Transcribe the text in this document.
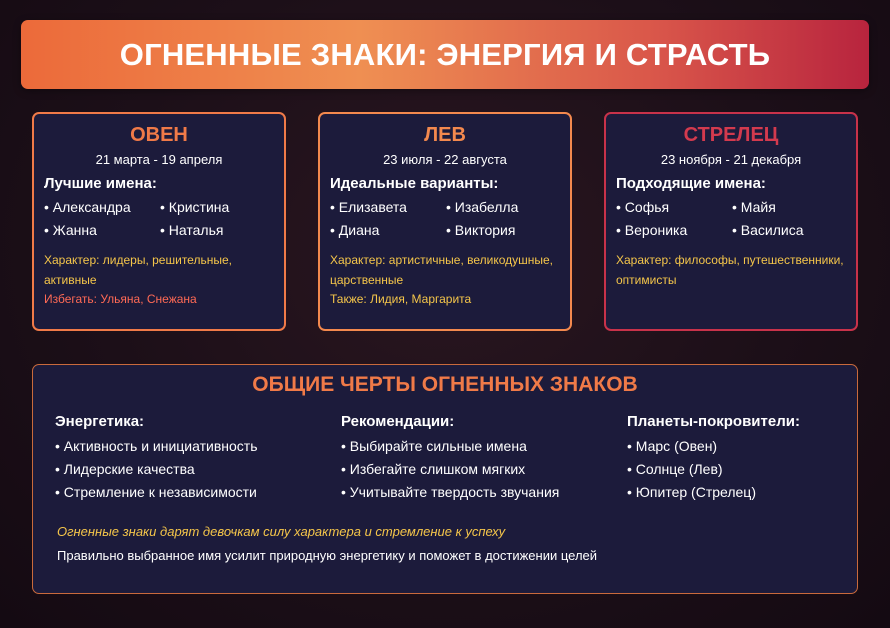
ОГНЕННЫЕ ЗНАКИ: ЭНЕРГИЯ И СТРАСТЬ
ОВЕН
21 марта - 19 апреля
Лучшие имена:
• Александра	• Кристина
• Жанна	• Наталья
Характер: лидеры, решительные, активные
Избегать: Ульяна, Снежана
ЛЕВ
23 июля - 22 августа
Идеальные варианты:
• Елизавета	• Изабелла
• Диана	• Виктория
Характер: артистичные, великодушные, царственные
Также: Лидия, Маргарита
СТРЕЛЕЦ
23 ноября - 21 декабря
Подходящие имена:
• Софья	• Майя
• Вероника	• Василиса
Характер: философы, путешественники, оптимисты
ОБЩИЕ ЧЕРТЫ ОГНЕННЫХ ЗНАКОВ
Энергетика:
• Активность и инициативность
• Лидерские качества
• Стремление к независимости
Рекомендации:
• Выбирайте сильные имена
• Избегайте слишком мягких
• Учитывайте твердость звучания
Планеты-покровители:
• Марс (Овен)
• Солнце (Лев)
• Юпитер (Стрелец)
Огненные знаки дарят девочкам силу характера и стремление к успеху
Правильно выбранное имя усилит природную энергетику и поможет в достижении целей
